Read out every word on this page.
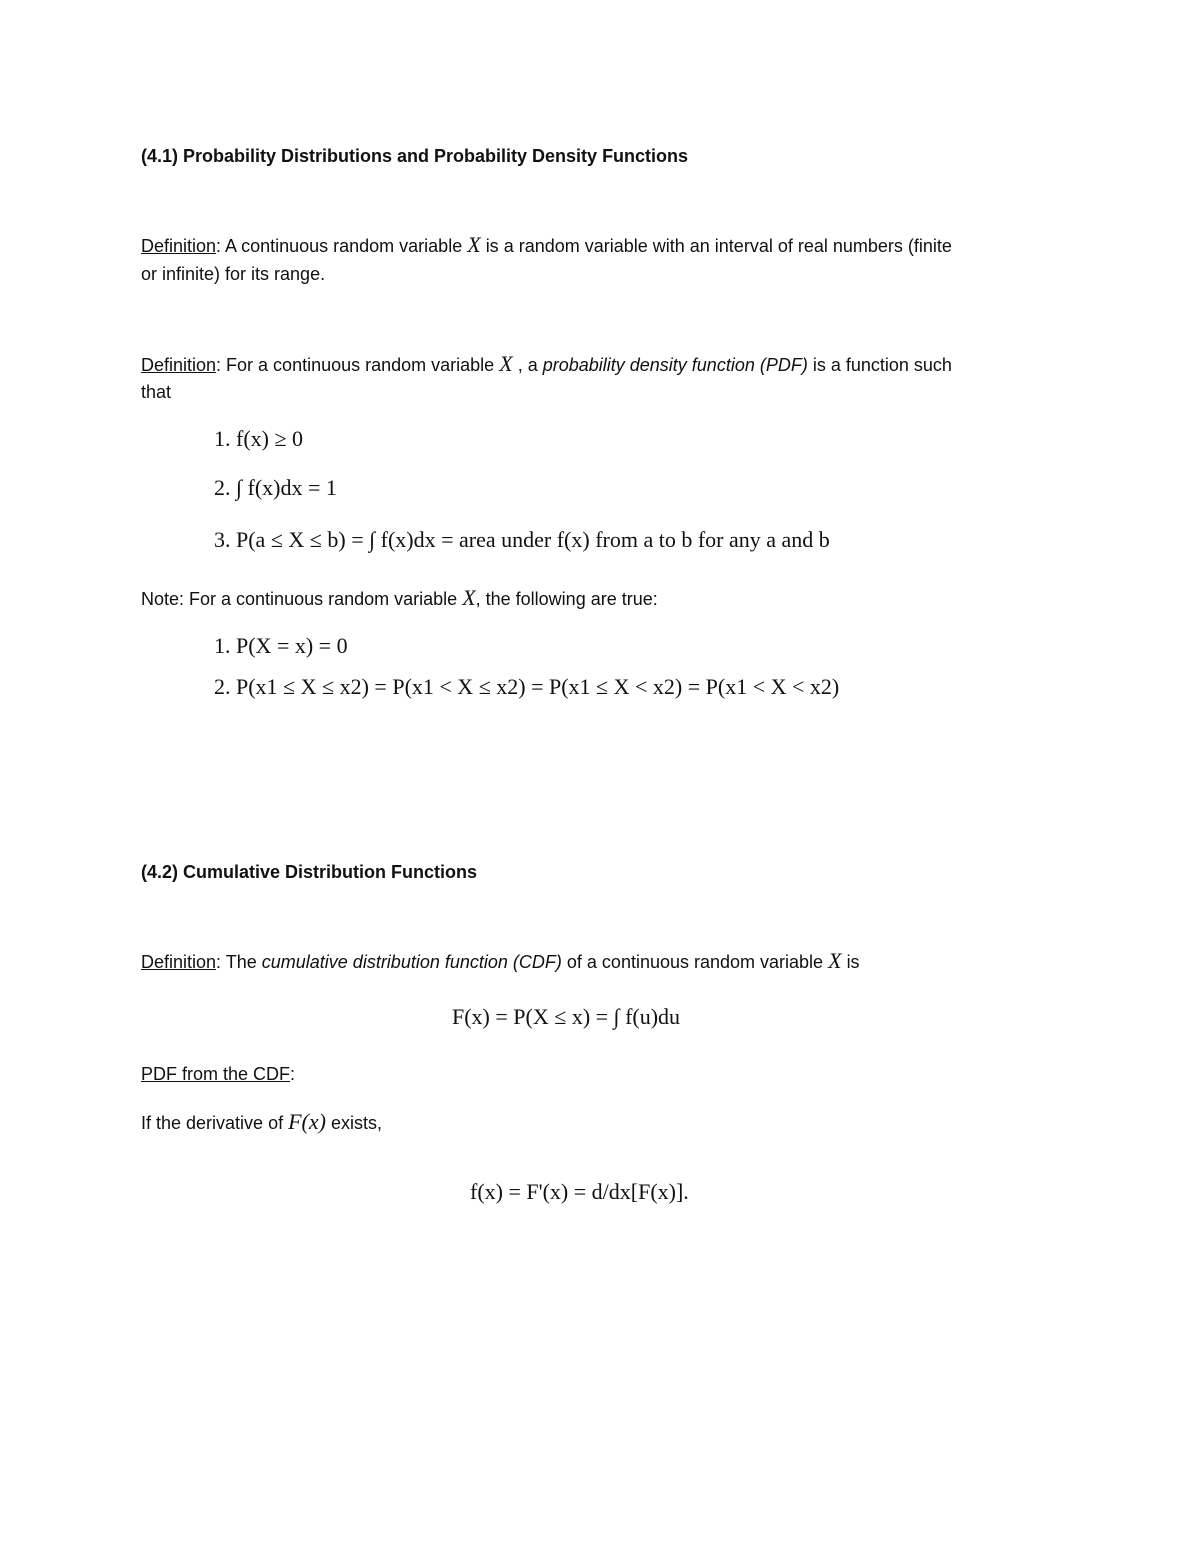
(4.1) Probability Distributions and Probability Density Functions
Definition: A continuous random variable X is a random variable with an interval of real numbers (finite
or infinite) for its range.
Definition: For a continuous random variable X , a probability density function (PDF) is a function such
that
1. f(x) ≥ 0
2. ∫ f(x)dx = 1
3. P(a ≤ X ≤ b) = ∫ f(x)dx = area under f(x) from a to b for any a and b
Note: For a continuous random variable X, the following are true:
1. P(X = x) = 0
2. P(x1 ≤ X ≤ x2) = P(x1 < X ≤ x2) = P(x1 ≤ X < x2) = P(x1 < X < x2)
(4.2) Cumulative Distribution Functions
Definition: The cumulative distribution function (CDF) of a continuous random variable X is
F(x) = P(X ≤ x) = ∫ f(u)du
PDF from the CDF:
If the derivative of F(x) exists,
f(x) = F'(x) = d/dx[F(x)].
